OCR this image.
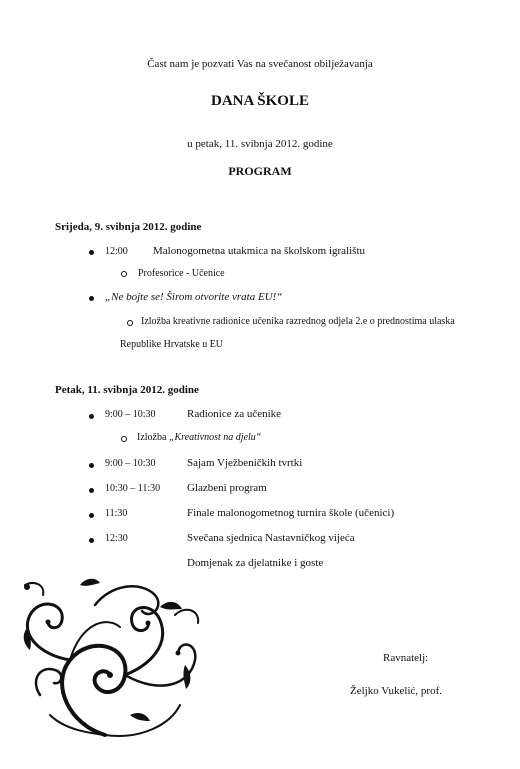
Čast nam je pozvati Vas na svečanost obilježavanja
DANA ŠKOLE
u petak, 11. svibnja 2012. godine
PROGRAM
Srijeda, 9. svibnja 2012. godine
12:00 Malonogometna utakmica na školskom igralištu
Profesorice - Učenice
„Ne bojte se! Širom otvorite vrata EU!“
Izložba kreativne radionice učenika razrednog odjela 2.e o prednostima ulaska
Republike Hrvatske u EU
Petak, 11. svibnja 2012. godine
9:00 – 10:30	Radionice za učenike
Izložba „Kreativnost na djelu“
9:00 – 10:30	Sajam Vježbeničkih tvrtki
10:30 – 11:30 Glazbeni program
11:30	Finale malonogometnog turnira škole (učenici)
12:30	Svečana sjednica Nastavničkog vijeća
Domjenak za djelatnike i goste
Ravnatelj:
Željko Vukelić, prof.
